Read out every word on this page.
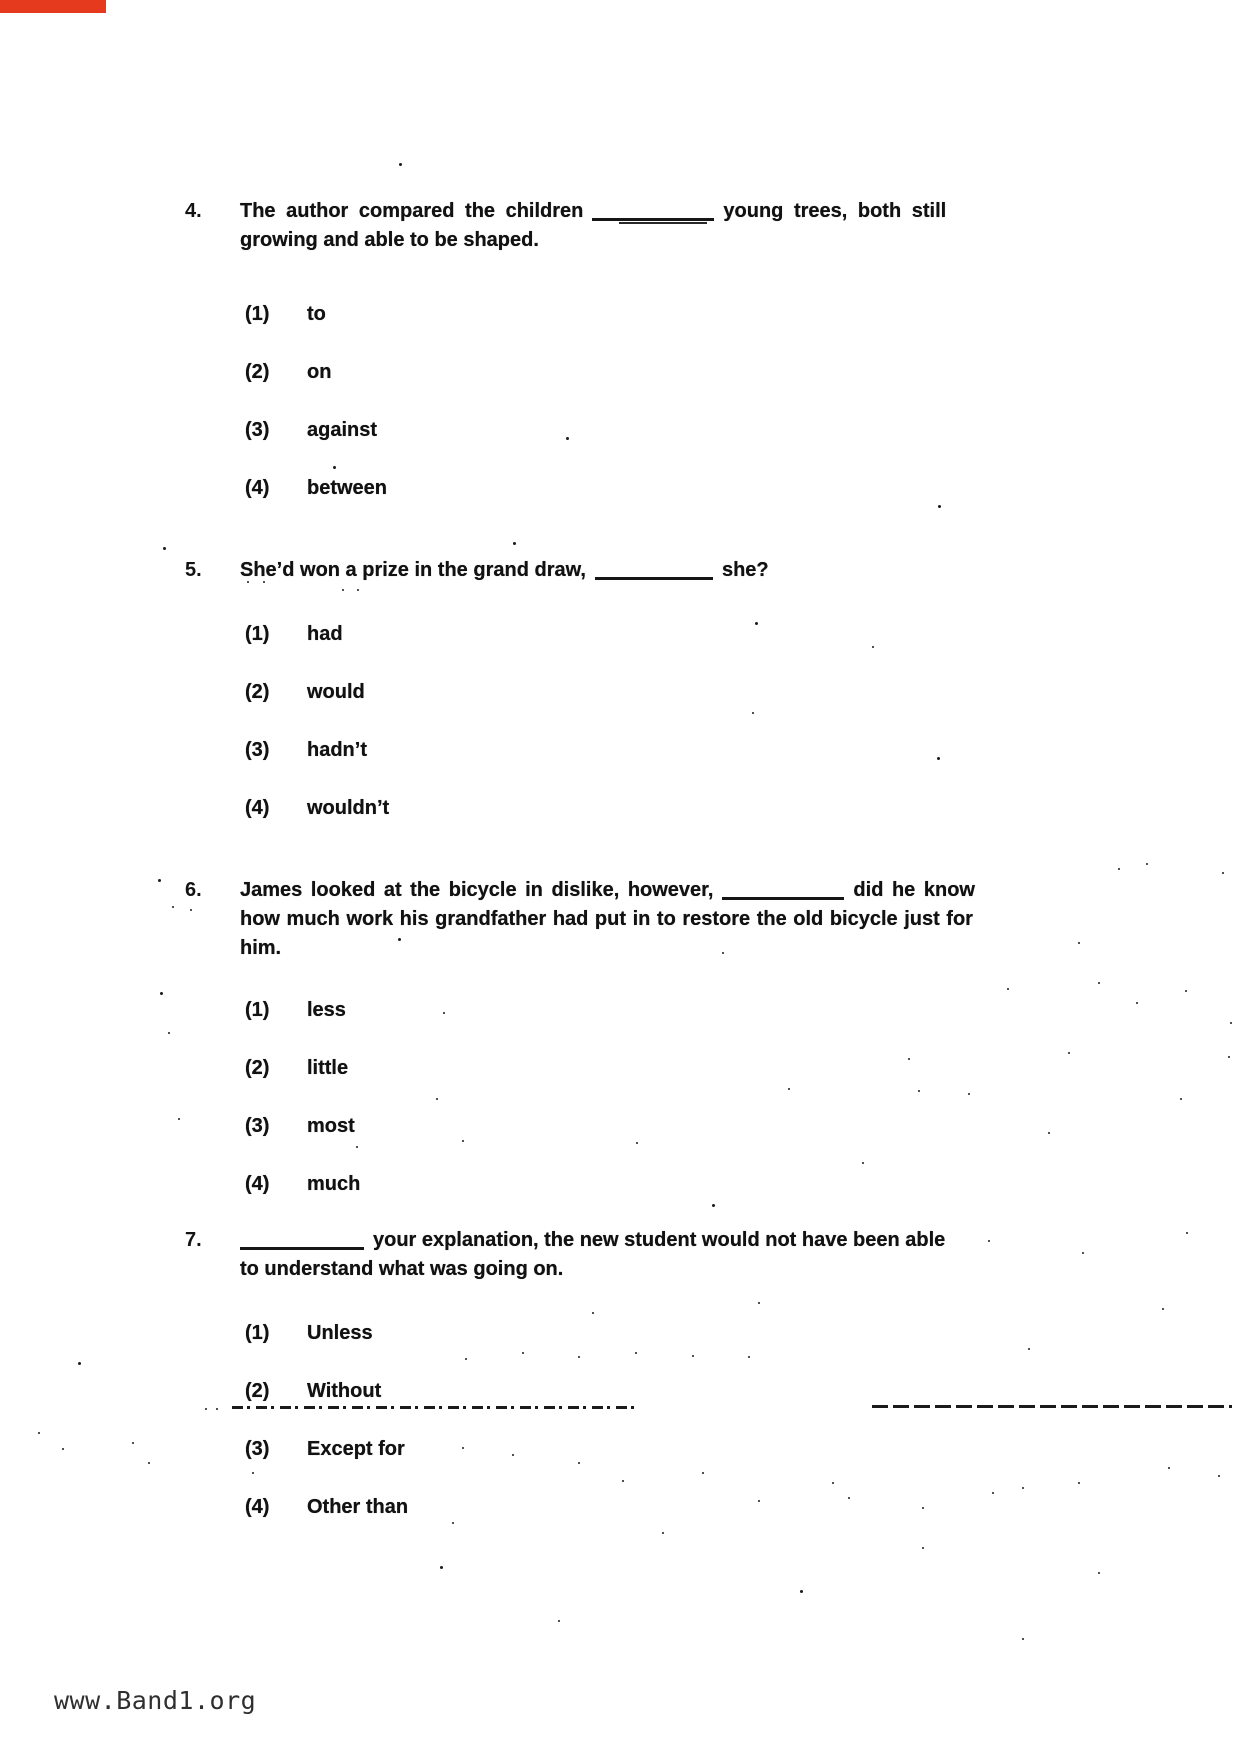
4. The author compared the children	young trees, both still
growing and able to be shaped.
(1) to
(2) on
(3) against
(4) between
5. She’d won a prize in the grand draw,	she?
(1) had
(2) would
(3) hadn’t
(4) wouldn’t
6. James looked at the bicycle in dislike, however,	did he know
how much work his grandfather had put in to restore the old bicycle just for
him.
(1) less
(2) little
(3) most
(4) much
7.	your explanation, the new student would not have been able
to understand what was going on.
(1) Unless
(2) Without
(3) Except for
(4) Other than
www.Band1.org
